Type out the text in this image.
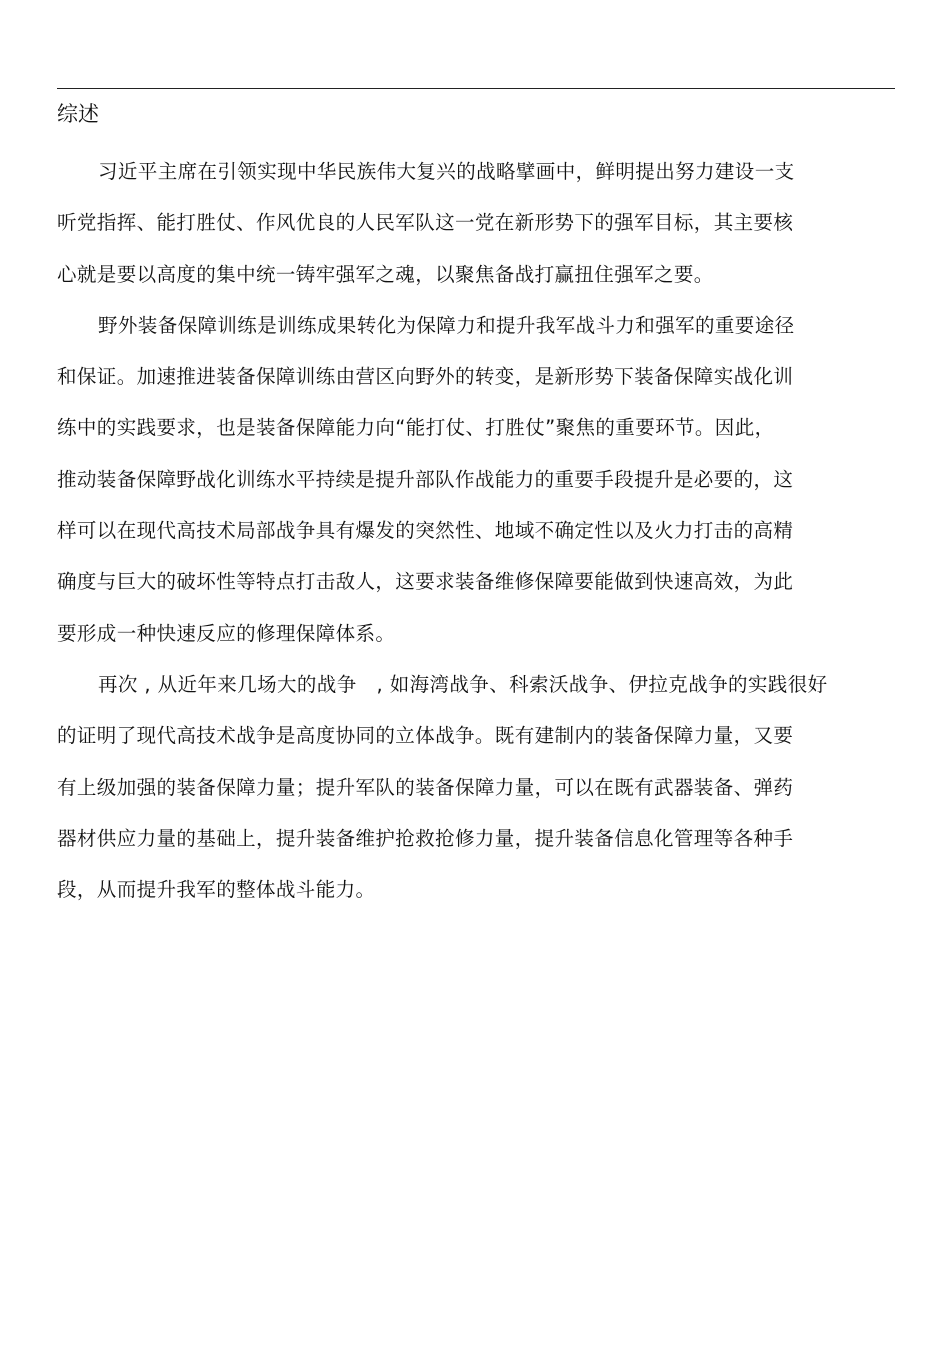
综述
习近平主席在引领实现中华民族伟大复兴的战略擘画中，鲜明提出努力建设一支
听党指挥、能打胜仗、作风优良的人民军队这一党在新形势下的强军目标，其主要核
心就是要以高度的集中统一铸牢强军之魂，以聚焦备战打赢扭住强军之要。
野外装备保障训练是训练成果转化为保障力和提升我军战斗力和强军的重要途径
和保证。加速推进装备保障训练由营区向野外的转变，是新形势下装备保障实战化训
练中的实践要求，也是装备保障能力向“能打仗、打胜仗”聚焦的重要环节。因此，
推动装备保障野战化训练水平持续是提升部队作战能力的重要手段提升是必要的，这
样可以在现代高技术局部战争具有爆发的突然性、地域不确定性以及火力打击的高精
确度与巨大的破坏性等特点打击敌人，这要求装备维修保障要能做到快速高效，为此
要形成一种快速反应的修理保障体系。
再次 , 从近年来几场大的战争　, 如海湾战争、科索沃战争、伊拉克战争的实践很好
的证明了现代高技术战争是高度协同的立体战争。既有建制内的装备保障力量，又要
有上级加强的装备保障力量；提升军队的装备保障力量，可以在既有武器装备、弹药
器材供应力量的基础上，提升装备维护抢救抢修力量，提升装备信息化管理等各种手
段，从而提升我军的整体战斗能力。
